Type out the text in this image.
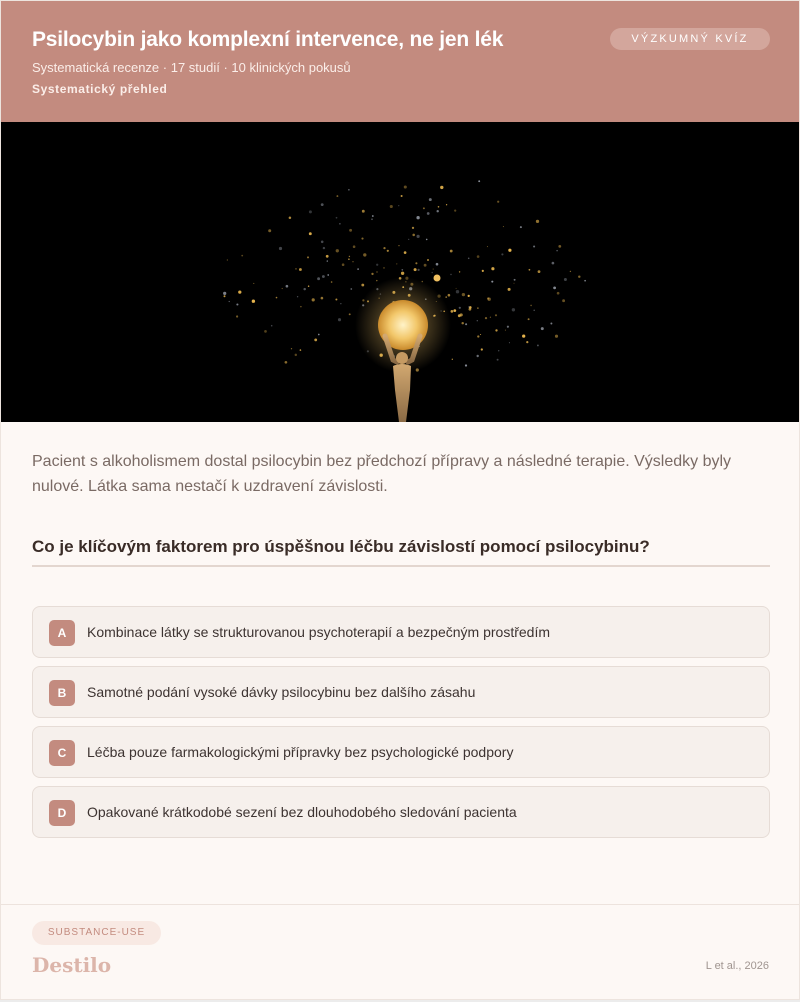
Psilocybin jako komplexní intervence, ne jen lék
Systematická recenze · 17 studií · 10 klinických pokusů
Systematický přehled
VÝZKUMNÝ KVÍZ

Pacient s alkoholismem dostal psilocybin bez předchozí přípravy a následné terapie. Výsledky byly nulové. Látka sama nestačí k uzdravení závislosti.

Co je klíčovým faktorem pro úspěšnou léčbu závislostí pomocí psilocybinu?
A	Kombinace látky se strukturovanou psychoterapií a bezpečným prostředím
B	Samotné podání vysoké dávky psilocybinu bez dalšího zásahu
C	Léčba pouze farmakologickými přípravky bez psychologické podpory
D	Opakované krátkodobé sezení bez dlouhodobého sledování pacienta
SUBSTANCE-USE
Destilo	L et al., 2026
